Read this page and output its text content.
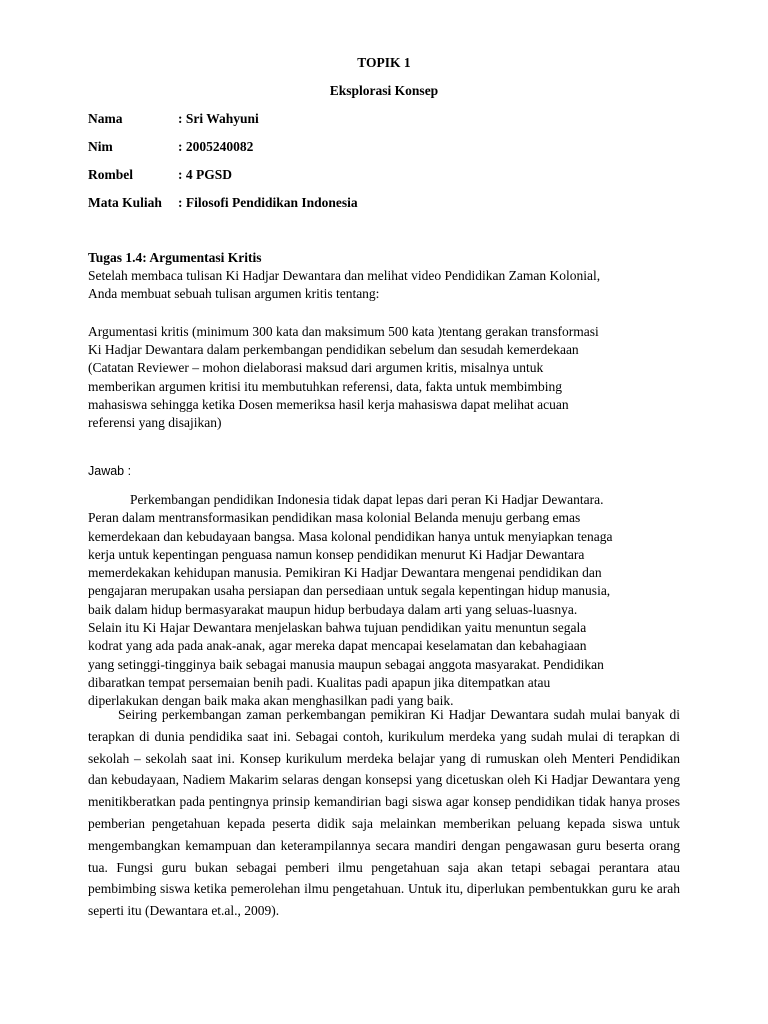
TOPIK 1
Eksplorasi Konsep
Nama	: Sri Wahyuni
Nim	: 2005240082
Rombel	: 4 PGSD
Mata Kuliah : Filosofi Pendidikan Indonesia
Tugas 1.4: Argumentasi Kritis
Setelah membaca tulisan Ki Hadjar Dewantara dan melihat video Pendidikan Zaman Kolonial,
Anda membuat sebuah tulisan argumen kritis tentang:
Argumentasi kritis (minimum 300 kata dan maksimum 500 kata )tentang gerakan transformasi
Ki Hadjar Dewantara dalam perkembangan pendidikan sebelum dan sesudah kemerdekaan
(Catatan Reviewer – mohon dielaborasi maksud dari argumen kritis, misalnya untuk
memberikan argumen kritisi itu membutuhkan referensi, data, fakta untuk membimbing
mahasiswa sehingga ketika Dosen memeriksa hasil kerja mahasiswa dapat melihat acuan
referensi yang disajikan)
Jawab :
Perkembangan pendidikan Indonesia tidak dapat lepas dari peran Ki Hadjar Dewantara.
Peran dalam mentransformasikan pendidikan masa kolonial Belanda menuju gerbang emas
kemerdekaan dan kebudayaan bangsa. Masa kolonal pendidikan hanya untuk menyiapkan tenaga
kerja untuk kepentingan penguasa namun konsep pendidikan menurut Ki Hadjar Dewantara
memerdekakan kehidupan manusia. Pemikiran Ki Hadjar Dewantara mengenai pendidikan dan
pengajaran merupakan usaha persiapan dan persediaan untuk segala kepentingan hidup manusia,
baik dalam hidup bermasyarakat maupun hidup berbudaya dalam arti yang seluas-luasnya.
Selain itu Ki Hajar Dewantara menjelaskan bahwa tujuan pendidikan yaitu menuntun segala
kodrat yang ada pada anak-anak, agar mereka dapat mencapai keselamatan dan kebahagiaan
yang setinggi-tingginya baik sebagai manusia maupun sebagai anggota masyarakat. Pendidikan
dibaratkan tempat persemaian benih padi. Kualitas padi apapun jika ditempatkan atau
diperlakukan dengan baik maka akan menghasilkan padi yang baik.
Seiring perkembangan zaman perkembangan pemikiran Ki Hadjar Dewantara sudah mulai banyak di terapkan di dunia pendidika saat ini. Sebagai contoh, kurikulum merdeka yang sudah mulai di terapkan di sekolah – sekolah saat ini. Konsep kurikulum merdeka belajar yang di rumuskan oleh Menteri Pendidikan dan kebudayaan, Nadiem Makarim selaras dengan konsepsi yang dicetuskan oleh Ki Hadjar Dewantara yeng menitikberatkan pada pentingnya prinsip kemandirian bagi siswa agar konsep pendidikan tidak hanya proses pemberian pengetahuan kepada peserta didik saja melainkan memberikan peluang kepada siswa untuk mengembangkan kemampuan dan keterampilannya secara mandiri dengan pengawasan guru beserta orang tua. Fungsi guru bukan sebagai pemberi ilmu pengetahuan saja akan tetapi sebagai perantara atau pembimbing siswa ketika pemerolehan ilmu pengetahuan. Untuk itu, diperlukan pembentukkan guru ke arah seperti itu (Dewantara et.al., 2009).
